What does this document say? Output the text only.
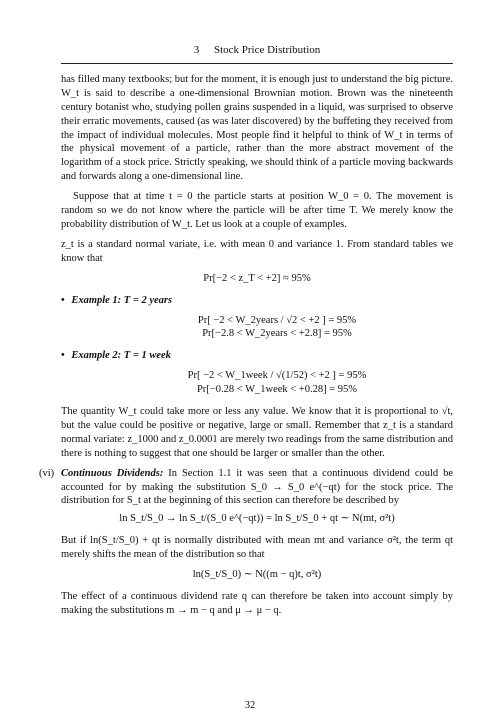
3 Stock Price Distribution

has filled many textbooks; but for the moment, it is enough just to understand the big picture. W_t is said to describe a one-dimensional Brownian motion. Brown was the nineteenth century botanist who, studying pollen grains suspended in a liquid, was surprised to observe their erratic movements, caused (as was later discovered) by the buffeting they received from the impact of individual molecules. Most people find it helpful to think of W_t in terms of the physical movement of a particle, rather than the more abstract movement of the logarithm of a stock price. Strictly speaking, we should think of a particle moving backwards and forwards along a one-dimensional line.

Suppose that at time t = 0 the particle starts at position W_0 = 0. The movement is random so we do not know where the particle will be after time T. We merely know the probability distribution of W_t. Let us look at a couple of examples.

z_t is a standard normal variate, i.e. with mean 0 and variance 1. From standard tables we know that

Pr[−2 < z_T < +2] ≈ 95%
• Example 1: T = 2 years
Pr[ −2 < W_2years / √2 < +2 ] = 95%
Pr[−2.8 < W_2years < +2.8] = 95%
• Example 2: T = 1 week
Pr[ −2 < W_1week / √(1/52) < +2 ] = 95%
Pr[−0.28 < W_1week < +0.28] = 95%

The quantity W_t could take more or less any value. We know that it is proportional to √t, but the value could be positive or negative, large or small. Remember that z_t is a standard normal variate: z_1000 and z_0.0001 are merely two readings from the same distribution and there is nothing to suggest that one should be larger or smaller than the other.

(vi) Continuous Dividends: In Section 1.1 it was seen that a continuous dividend could be accounted for by making the substitution S_0 → S_0 e^(−qt) for the stock price. The distribution for S_t at the beginning of this section can therefore be described by

ln S_t/S_0 → ln S_t/(S_0 e^(−qt)) = ln S_t/S_0 + qt ∼ N(mt, σ²t)

But if ln(S_t/S_0) + qt is normally distributed with mean mt and variance σ²t, the term qt merely shifts the mean of the distribution so that

ln(S_t/S_0) ∼ N((m − q)t, σ²t)

The effect of a continuous dividend rate q can therefore be taken into account simply by making the substitutions m → m − q and μ → μ − q.

32
